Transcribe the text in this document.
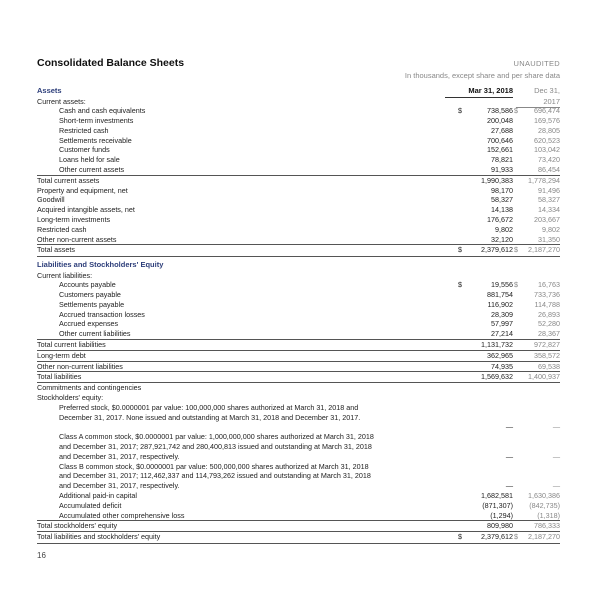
Consolidated Balance Sheets	UNAUDITED
In thousands, except share and per share data
Assets	Mar 31, 2018	Dec 31, 2017
Current assets:
Cash and cash equivalents	$	738,586 $	696,474
Short-term investments	200,048	169,576
Restricted cash	27,688	28,805
Settlements receivable	700,646	620,523
Customer funds	152,661	103,042
Loans held for sale	78,821	73,420
Other current assets	91,933	86,454
Total current assets	1,990,383	1,778,294
Property and equipment, net	98,170	91,496
Goodwill	58,327	58,327
Acquired intangible assets, net	14,138	14,334
Long-term investments	176,672	203,667
Restricted cash	9,802	9,802
Other non-current assets	32,120	31,350
Total assets	$	2,379,612 $	2,187,270
Liabilities and Stockholders' Equity
Current liabilities:
Accounts payable	$	19,556 $	16,763
Customers payable	881,754	733,736
Settlements payable	116,902	114,788
Accrued transaction losses	28,309	26,893
Accrued expenses	57,997	52,280
Other current liabilities	27,214	28,367
Total current liabilities	1,131,732	972,827
Long-term debt	362,965	358,572
Other non-current liabilities	74,935	69,538
Total liabilities	1,569,632	1,400,937
Commitments and contingencies
Stockholders' equity:
Preferred stock, $0.0000001 par value: 100,000,000 shares authorized at March 31, 2018 and December 31, 2017. None issued and outstanding at March 31, 2018 and December 31, 2017.
—	—
Class A common stock, $0.0000001 par value: 1,000,000,000 shares authorized at March 31, 2018 and December 31, 2017; 287,921,742 and 280,400,813 issued and outstanding at March 31, 2018 and December 31, 2017, respectively.	—	—
Class B common stock, $0.0000001 par value: 500,000,000 shares authorized at March 31, 2018 and December 31, 2017; 112,462,337 and 114,793,262 issued and outstanding at March 31, 2018 and December 31, 2017, respectively.	—	—
Additional paid-in capital	1,682,581	1,630,386
Accumulated deficit	(871,307)	(842,735)
Accumulated other comprehensive loss	(1,294)	(1,318)
Total stockholders' equity	809,980	786,333
Total liabilities and stockholders' equity	$	2,379,612 $	2,187,270
16
